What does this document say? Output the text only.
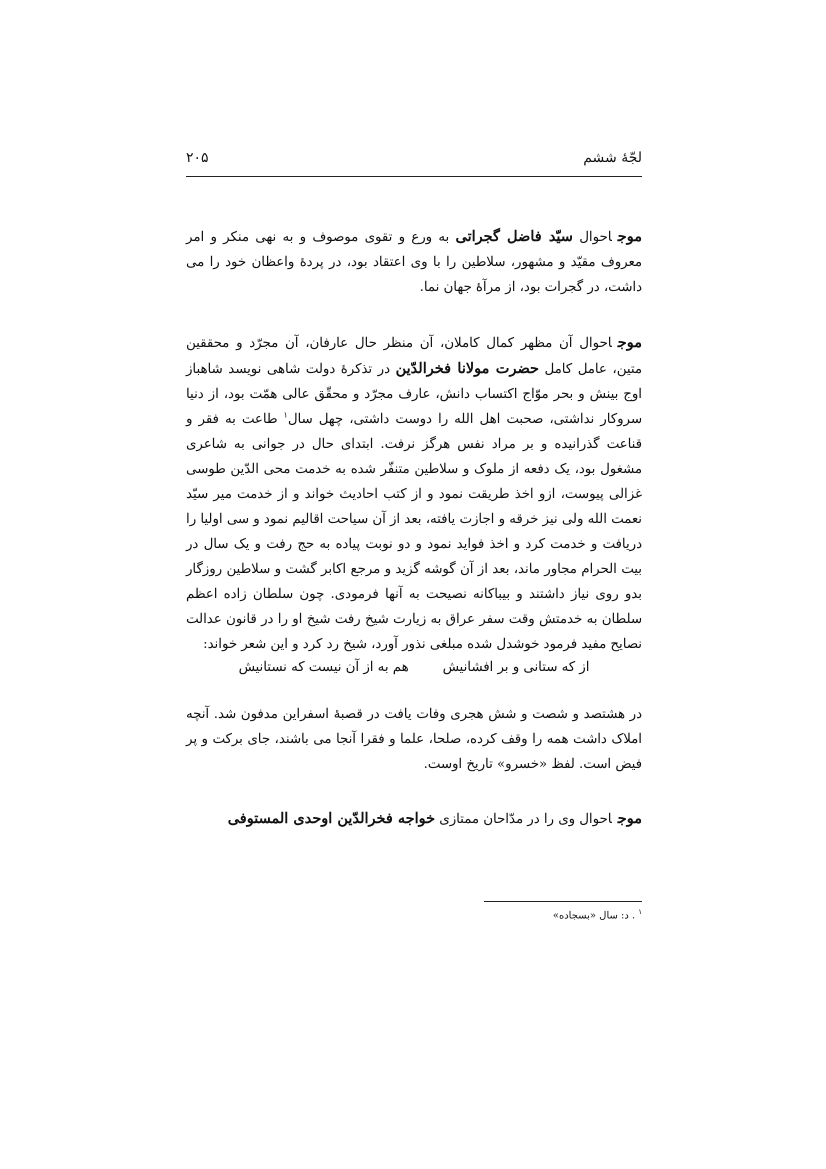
لجّهٔ ششم
۲۰۵

موجاحوال سیّد فاضل گجراتی به ورع و تقوی موصوف و به نهی منکر و امر معروف مقیّد و مشهور، سلاطین را با وی اعتقاد بود، در پردهٔ واعظان خود را می داشت، در گجرات بود، از مرآهٔ جهان نما.

موجاحوال آن مظهر کمال کاملان، آن منظر حال عارفان، آن مجرّد و محققین متین، عامل کامل حضرت مولانا فخرالدّین در تذکرهٔ دولت شاهی نویسد شاهباز اوج بینش و بحر موّاج اکتساب دانش، عارف مجرّد و محقّق عالی همّت بود، از دنیا سروکار نداشتی، صحبت اهل الله را دوست داشتی، چهل سال$^۱$ طاعت به فقر و قناعت گذرانیده و بر مراد نفس هرگز نرفت. ابتدای حال در جوانی به شاعری مشغول بود، یک دفعه از ملوک و سلاطین متنفّر شده به خدمت محی الدّین طوسی غزالی پیوست، ازو اخذ طریقت نمود و از کتب احادیث خواند و از خدمت میر سیّد نعمت الله ولی نیز خرقه و اجازت یافته، بعد از آن سیاحت اقالیم نمود و سی اولیا را دریافت و خدمت کرد و اخذ فواید نمود و دو نوبت پیاده به حج رفت و یک سال در بیت الحرام مجاور ماند، بعد از آن گوشه گزید و مرجع اکابر گشت و سلاطین روزگار بدو روی نیاز داشتند و بیباکانه نصیحت به آنها فرمودی. چون سلطان زاده اعظم سلطان به خدمتش وقت سفر عراق به زیارت شیخ رفت شیخ او را در قانون عدالت نصایح مفید فرمود خوشدل شده مبلغی نذور آورد، شیخ رد کرد و این شعر خواند:

از که ستانی و بر افشانیش
هم به از آن نیست که نستانیش

در هشتصد و شصت و شش هجری وفات یافت در قصبهٔ اسفراین مدفون شد. آنچه املاک داشت همه را وقف کرده، صلحا، علما و فقرا آنجا می باشند، جای برکت و پر فیض است. لفظ «خسرو» تاریخ اوست.

موجاحوال وی را در مدّاحان ممتازی خواجه فخرالدّین اوحدی المستوفی

$^۱$. د: سال «بسجاده»
